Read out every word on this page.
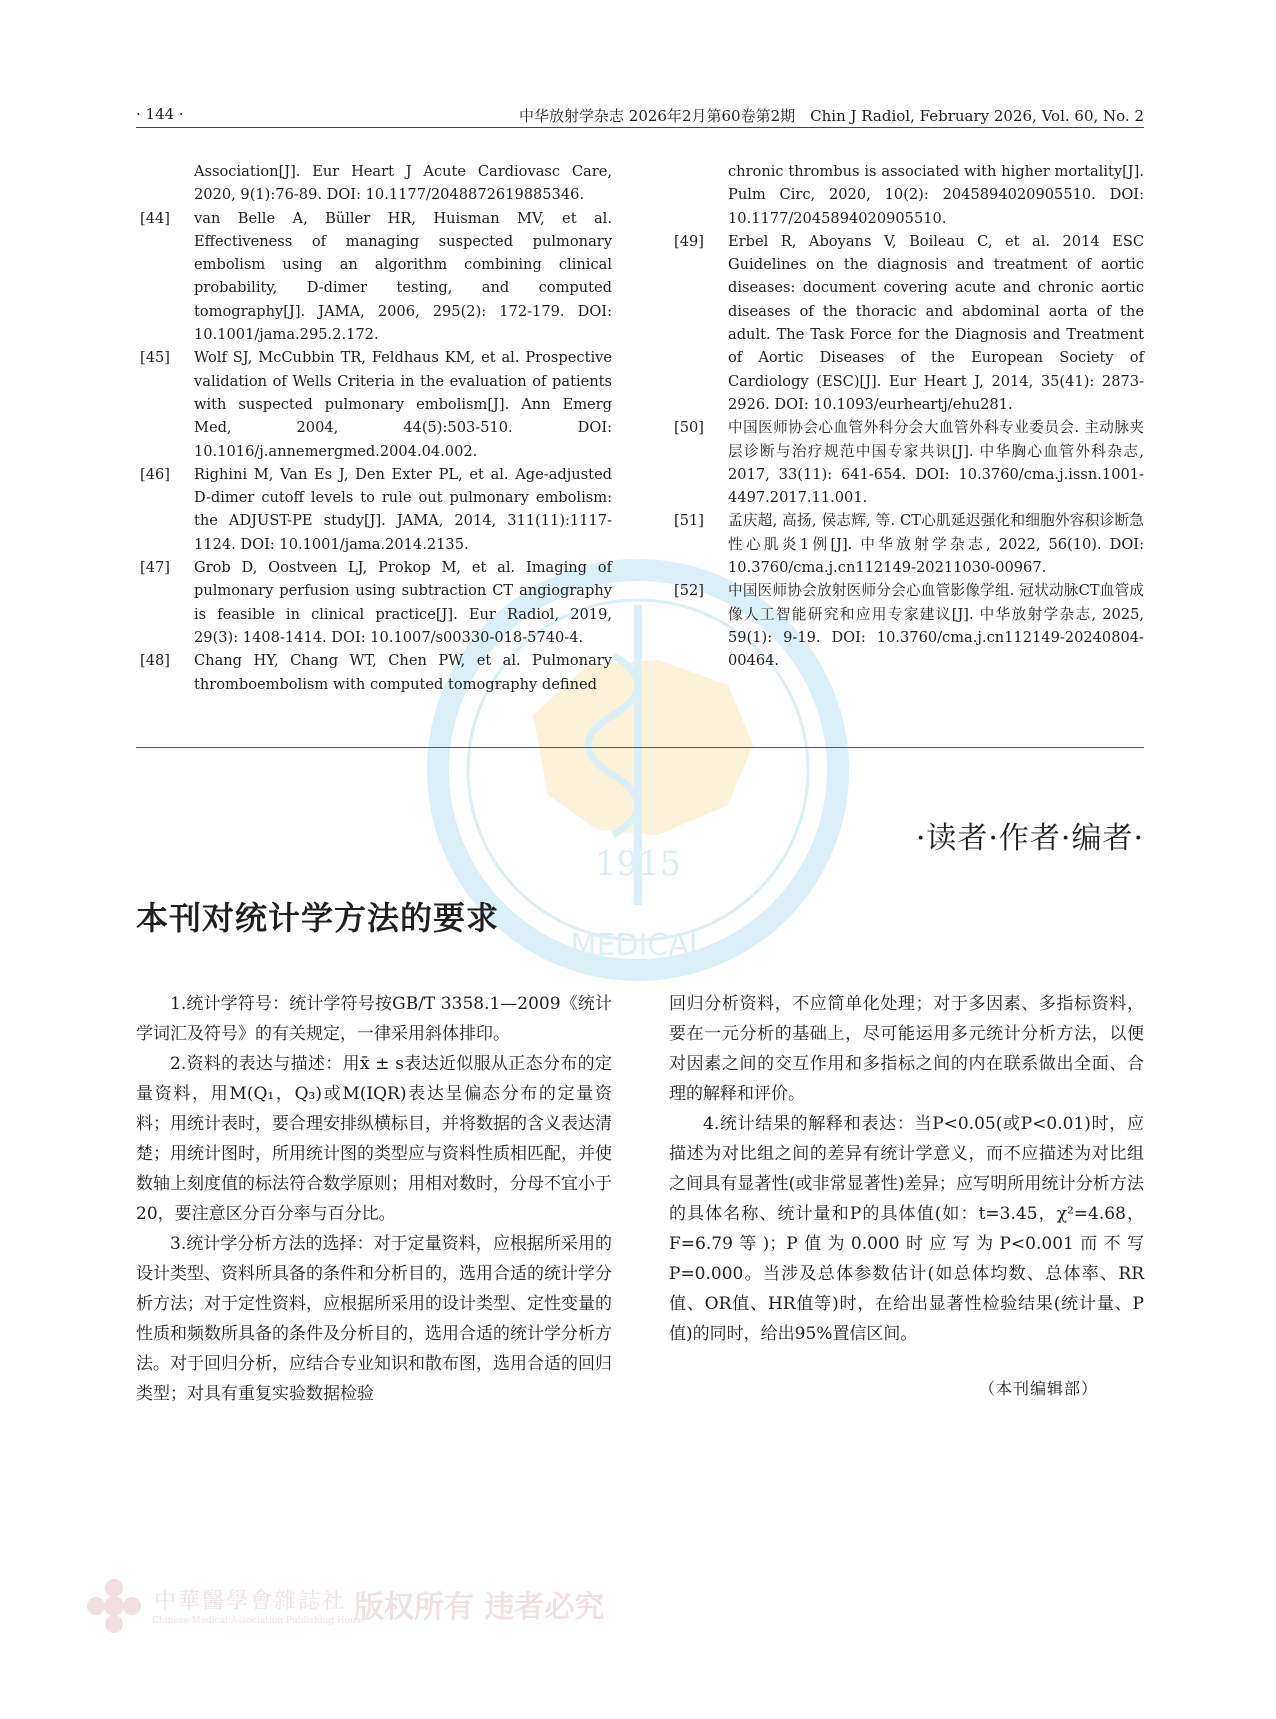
1915
MEDICAL
· 144 ·	中华放射学杂志 2026年2月第60卷第2期　Chin J Radiol, February 2026, Vol. 60, No. 2
Association[J]. Eur Heart J Acute Cardiovasc Care, 2020, 9(1):76-89. DOI: 10.1177/2048872619885346.
[44] van Belle A, Büller HR, Huisman MV, et al. Effectiveness of managing suspected pulmonary embolism using an algorithm combining clinical probability, D-dimer testing, and computed tomography[J]. JAMA, 2006, 295(2): 172-179. DOI: 10.1001/jama.295.2.172.
[45] Wolf SJ, McCubbin TR, Feldhaus KM, et al. Prospective validation of Wells Criteria in the evaluation of patients with suspected pulmonary embolism[J]. Ann Emerg Med, 2004, 44(5):503-510. DOI: 10.1016/j.annemergmed.2004.04.002.
[46] Righini M, Van Es J, Den Exter PL, et al. Age-adjusted D-dimer cutoff levels to rule out pulmonary embolism: the ADJUST-PE study[J]. JAMA, 2014, 311(11):1117-1124. DOI: 10.1001/jama.2014.2135.
[47] Grob D, Oostveen LJ, Prokop M, et al. Imaging of pulmonary perfusion using subtraction CT angiography is feasible in clinical practice[J]. Eur Radiol, 2019, 29(3): 1408-1414. DOI: 10.1007/s00330-018-5740-4.
[48] Chang HY, Chang WT, Chen PW, et al. Pulmonary thromboembolism with computed tomography defined
chronic thrombus is associated with higher mortality[J]. Pulm Circ, 2020, 10(2): 2045894020905510. DOI: 10.1177/2045894020905510.
[49] Erbel R, Aboyans V, Boileau C, et al. 2014 ESC Guidelines on the diagnosis and treatment of aortic diseases: document covering acute and chronic aortic diseases of the thoracic and abdominal aorta of the adult. The Task Force for the Diagnosis and Treatment of Aortic Diseases of the European Society of Cardiology (ESC)[J]. Eur Heart J, 2014, 35(41): 2873-2926. DOI: 10.1093/eurheartj/ehu281.
[50] 中国医师协会心血管外科分会大血管外科专业委员会. 主动脉夹层诊断与治疗规范中国专家共识[J]. 中华胸心血管外科杂志, 2017, 33(11): 641-654. DOI: 10.3760/cma.j.issn.1001-4497.2017.11.001.
[51] 孟庆超, 高扬, 侯志辉, 等. CT心肌延迟强化和细胞外容积诊断急性心肌炎1例[J]. 中华放射学杂志, 2022, 56(10). DOI: 10.3760/cma.j.cn112149-20211030-00967.
[52] 中国医师协会放射医师分会心血管影像学组. 冠状动脉CT血管成像人工智能研究和应用专家建议[J]. 中华放射学杂志, 2025, 59(1): 9-19. DOI: 10.3760/cma.j.cn112149-20240804-00464.
·读者·作者·编者·
本刊对统计学方法的要求

1.统计学符号：统计学符号按GB/T 3358.1—2009《统计学词汇及符号》的有关规定，一律采用斜体排印。

2.资料的表达与描述：用x̄ ± s表达近似服从正态分布的定量资料，用M(Q₁，Q₃)或M(IQR)表达呈偏态分布的定量资料；用统计表时，要合理安排纵横标目，并将数据的含义表达清楚；用统计图时，所用统计图的类型应与资料性质相匹配，并使数轴上刻度值的标法符合数学原则；用相对数时，分母不宜小于20，要注意区分百分率与百分比。

3.统计学分析方法的选择：对于定量资料，应根据所采用的设计类型、资料所具备的条件和分析目的，选用合适的统计学分析方法；对于定性资料，应根据所采用的设计类型、定性变量的性质和频数所具备的条件及分析目的，选用合适的统计学分析方法。对于回归分析，应结合专业知识和散布图，选用合适的回归类型；对具有重复实验数据检验

回归分析资料，不应简单化处理；对于多因素、多指标资料，要在一元分析的基础上，尽可能运用多元统计分析方法，以便对因素之间的交互作用和多指标之间的内在联系做出全面、合理的解释和评价。

4.统计结果的解释和表达：当P<0.05(或P<0.01)时，应描述为对比组之间的差异有统计学意义，而不应描述为对比组之间具有显著性(或非常显著性)差异；应写明所用统计分析方法的具体名称、统计量和P的具体值(如：t=3.45，χ²=4.68，F=6.79等)；P值为0.000时应写为P<0.001而不写P=0.000。当涉及总体参数估计(如总体均数、总体率、RR值、OR值、HR值等)时，在给出显著性检验结果(统计量、P值)的同时，给出95%置信区间。

（本刊编辑部）
中華醫學會雜誌社
Chinese Medical Association Publishing House
版权所有 违者必究
